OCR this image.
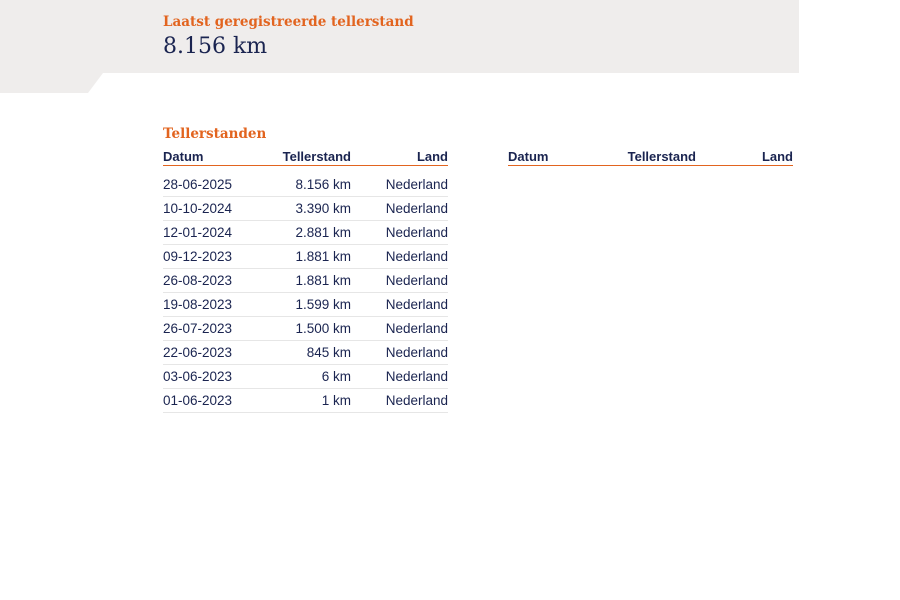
Laatst geregistreerde tellerstand
8.156 km
Tellerstanden
Datum	Tellerstand	Land
28-06-2025	8.156 km	Nederland
10-10-2024	3.390 km	Nederland
12-01-2024	2.881 km	Nederland
09-12-2023	1.881 km	Nederland
26-08-2023	1.881 km	Nederland
19-08-2023	1.599 km	Nederland
26-07-2023	1.500 km	Nederland
22-06-2023	845 km	Nederland
03-06-2023	6 km	Nederland
01-06-2023	1 km	Nederland
Datum	Tellerstand	Land
